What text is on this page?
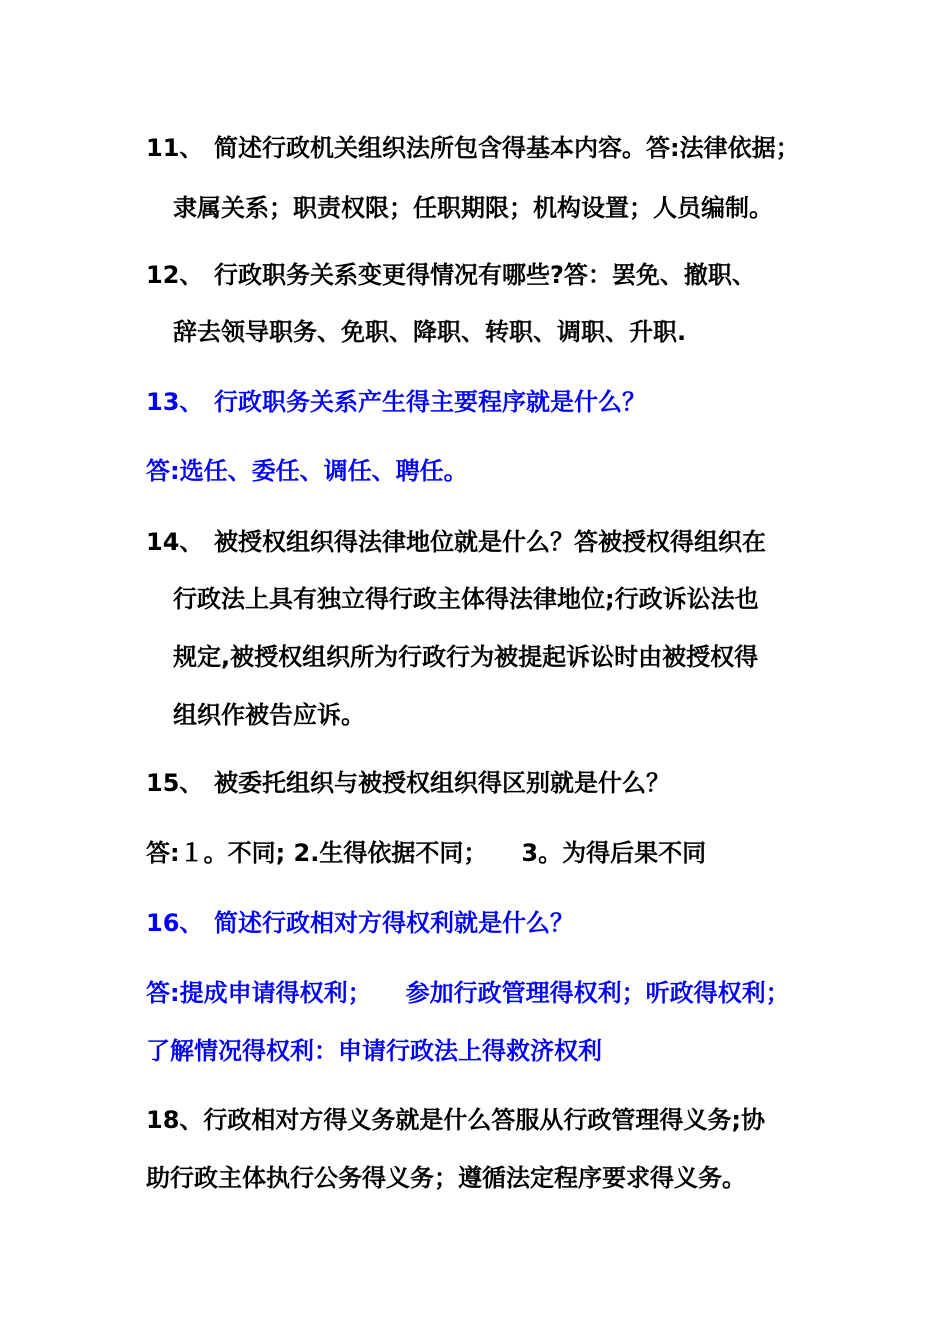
11、 简述行政机关组织法所包含得基本内容。答:法律依据；
隶属关系；职责权限；任职期限；机构设置；人员编制。
12、 行政职务关系变更得情况有哪些?答：罢免、撤职、
辞去领导职务、免职、降职、转职、调职、升职.
13、 行政职务关系产生得主要程序就是什么？
答:选任、委任、调任、聘任。
14、 被授权组织得法律地位就是什么？答被授权得组织在
行政法上具有独立得行政主体得法律地位;行政诉讼法也
规定,被授权组织所为行政行为被提起诉讼时由被授权得
组织作被告应诉。
15、 被委托组织与被授权组织得区别就是什么？
答:１。不同; 2.生得依据不同； 3。为得后果不同
16、 简述行政相对方得权利就是什么？
答:提成申请得权利； 参加行政管理得权利；听政得权利；
了解情况得权利：申请行政法上得救济权利
18、行政相对方得义务就是什么答服从行政管理得义务;协
助行政主体执行公务得义务；遵循法定程序要求得义务。
